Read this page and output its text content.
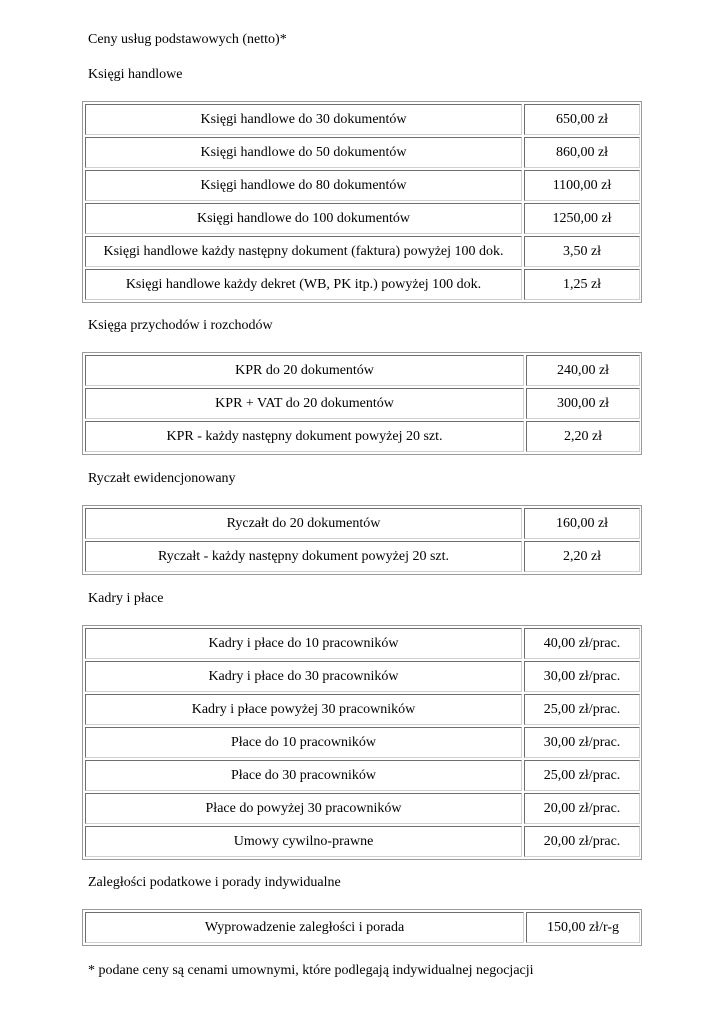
Ceny usług podstawowych (netto)*
Księgi handlowe
Księgi handlowe do 30 dokumentów	650,00 zł
Księgi handlowe do 50 dokumentów	860,00 zł
Księgi handlowe do 80 dokumentów	1100,00 zł
Księgi handlowe do 100 dokumentów	1250,00 zł
Księgi handlowe każdy następny dokument (faktura) powyżej 100 dok.	3,50 zł
Księgi handlowe każdy dekret (WB, PK itp.) powyżej 100 dok.	1,25 zł
Księga przychodów i rozchodów
KPR do 20 dokumentów	240,00 zł
KPR + VAT do 20 dokumentów	300,00 zł
KPR - każdy następny dokument powyżej 20 szt.	2,20 zł
Ryczałt ewidencjonowany
Ryczałt do 20 dokumentów	160,00 zł
Ryczałt - każdy następny dokument powyżej 20 szt.	2,20 zł
Kadry i płace
Kadry i płace do 10 pracowników	40,00 zł/prac.
Kadry i płace do 30 pracowników	30,00 zł/prac.
Kadry i płace powyżej 30 pracowników	25,00 zł/prac.
Płace do 10 pracowników	30,00 zł/prac.
Płace do 30 pracowników	25,00 zł/prac.
Płace do powyżej 30 pracowników	20,00 zł/prac.
Umowy cywilno-prawne	20,00 zł/prac.
Zaległości podatkowe i porady indywidualne
Wyprowadzenie zaległości i porada	150,00 zł/r-g
* podane ceny są cenami umownymi, które podlegają indywidualnej negocjacji
